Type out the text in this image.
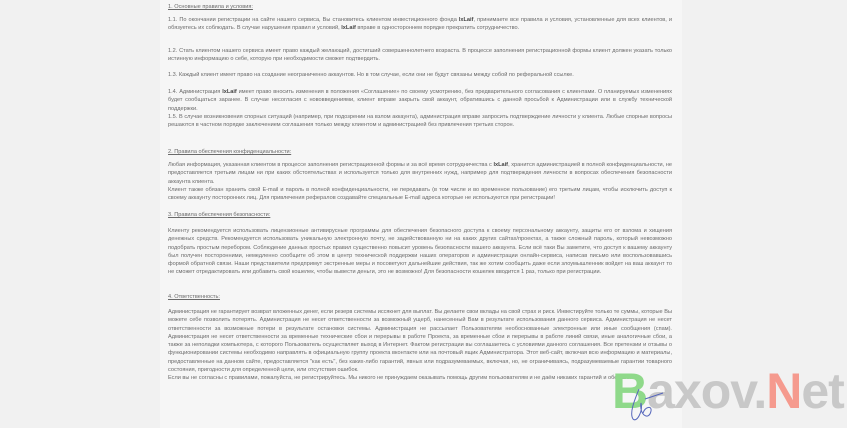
1. Основные правила и условия:

1.1. По окончании регистрации на сайте нашего сервиса, Вы становитесь клиентом инвестиционного фонда lxLaif, принимаете все правила и условия, установленные для всех клиентов, и обязуетесь их соблюдать. В случае нарушения правил и условий, lxLaif вправе в одностороннем порядке прекратить сотрудничество.

1.2. Стать клиентом нашего сервиса имеет право каждый желающий, достигший совершеннолетнего возраста. В процессе заполнения регистрационной формы клиент должен указать только истинную информацию о себе, которую при необходимости сможет подтвердить.

1.3. Каждый клиент имеет право на создание неограниченно аккаунтов. Но в том случае, если они не будут связаны между собой по реферальной ссылке.

1.4. Администрация lxLaif имеет право вносить изменения в положения «Соглашение» по своему усмотрению, без предварительного согласования с клиентами. О планируемых изменениях будет сообщаться заранее. В случае несогласия с нововведениями, клиент вправе закрыть свой аккаунт, обратившись с данной просьбой к Администрации или в службу технической поддержки.

1.5. В случае возникновения спорных ситуаций (например, при подозрении на взлом аккаунта), администрация вправе запросить подтверждение личности у клиента. Любые спорные вопросы решаются в частном порядке заключением соглашения только между клиентом и администрацией без привлечения третьих сторон.

2. Правила обеспечения конфиденциальности:

Любая информация, указанная клиентом в процессе заполнения регистрационной формы и за всё время сотрудничества с lxLaif, хранится администрацией в полной конфиденциальности, не предоставляется третьим лицам ни при каких обстоятельствах и используется только для внутренних нужд, например для подтверждения личности в вопросах обеспечения безопасности аккаунта клиента.

Клиент также обязан хранить свой E-mail и пароль в полной конфиденциальности, не передавать (в том числе и во временное пользование) его третьим лицам, чтобы исключить доступ к своему аккаунту посторонних лиц. Для привлечения рефералов создавайте специальные E-mail адреса которые не используются при регистрации!

3. Правила обеспечения безопасности:

Клиенту рекомендуется использовать лицензионные антивирусные программы для обеспечения безопасного доступа к своему персональному аккаунту, защиты его от взлома и хищения денежных средств. Рекомендуется использовать уникальную электронную почту, не задействованную ни на каких других сайтах/проектах, а также сложный пароль, который невозможно подобрать простым перебором. Соблюдение данных простых правил существенно повысит уровень безопасности вашего аккаунта. Если всё таки Вы заметите, что доступ к вашему аккаунту был получен посторонними, немедленно сообщите об этом в центр технической поддержки наших операторов и администрации онлайн-сервиса, написав письмо или воспользовавшись формой обратной связи. Наши представители предпримут экстренные меры и посоветуют дальнейшие действия, так же хотим сообщить даже если злоумышленник войдет на ваш аккаунт то не сможет отредактировать или добавить свой кошелек, чтобы вывести деньги, это не возможно! Для безопасности кошелек вводится 1 раз, только при регистрации.

4. Ответственность:

Администрация не гарантирует возврат вложенных денег, если резерв системы иссякнет для выплат. Вы делаете свои вклады на свой страх и риск. Инвестируйте только те суммы, которые Вы можете себе позволить потерять. Администрация не несет ответственности за возможный ущерб, нанесенный Вам в результате использования данного сервиса. Администрация не несет ответственности за возможные потери в результате остановки системы. Администрация не рассылает Пользователям необоснованные электронные или иные сообщения (спам). Администрация не несет ответственности за временные технические сбои и перерывы в работе Проекта, за временные сбои и перерывы в работе линий связи, иные аналогичные сбои, а также за неполадки компьютера, с которого Пользователь осуществляет выход в Интернет. Фактом регистрации вы соглашаетесь с условиями данного соглашения. Все претензии и отзывы о функционировании системы необходимо направлять в официальную группу проекта вконтакте или на почтовый ящик Администратора. Этот веб-сайт, включая всю информацию и материалы, предоставленные на данном сайте, предоставляется "как есть", без каких-либо гарантий, явных или подразумеваемых, включая, но, не ограничиваясь, подразумеваемые гарантии товарного состояния, пригодности для определенной цели, или отсутствия ошибок.

Если вы не согласны с правилами, пожалуйста, не регистрируйтесь. Мы никого не принуждаем оказывать помощь другим пользователям и не даём никаких гарантий и обещаний!

Baxov.Net
